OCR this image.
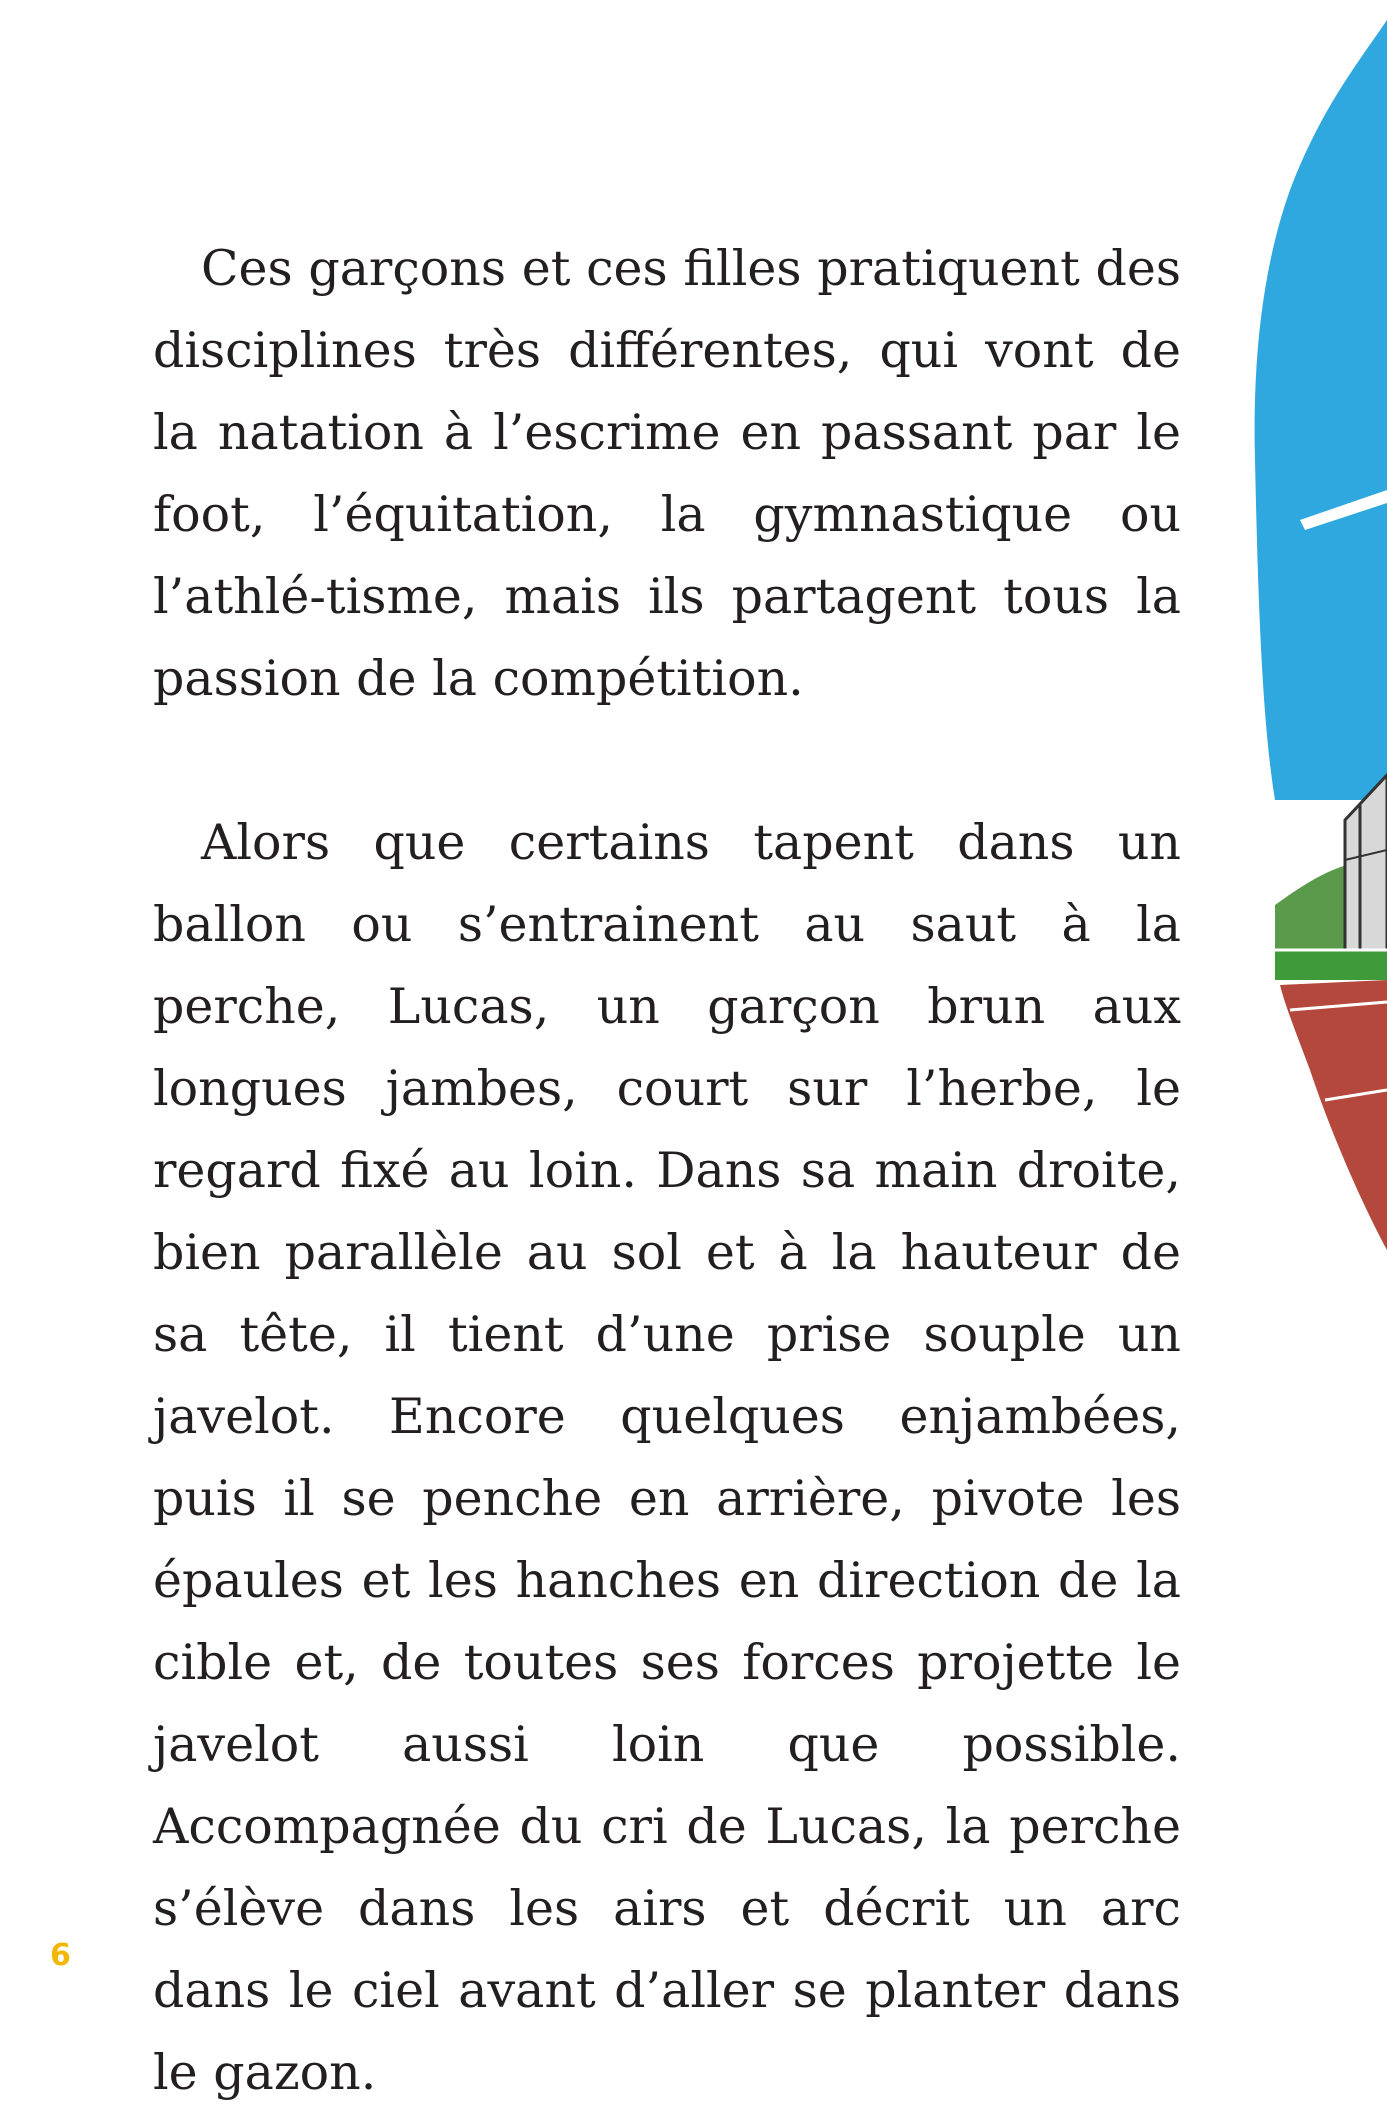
Ces garçons et ces filles pratiquent des disciplines très différentes, qui vont de la natation à l’escrime en passant par le foot, l’équitation, la gymnastique ou l’athlé-tisme, mais ils partagent tous la passion de la compétition.

Alors que certains tapent dans un ballon ou s’entrainent au saut à la perche, Lucas, un garçon brun aux longues jambes, court sur l’herbe, le regard fixé au loin. Dans sa main droite, bien parallèle au sol et à la hauteur de sa tête, il tient d’une prise souple un javelot. Encore quelques enjambées, puis il se penche en arrière, pivote les épaules et les hanches en direction de la cible et, de toutes ses forces projette le javelot aussi loin que possible. Accompagnée du cri de Lucas, la perche s’élève dans les airs et décrit un arc dans le ciel avant d’aller se planter dans le gazon.

6
